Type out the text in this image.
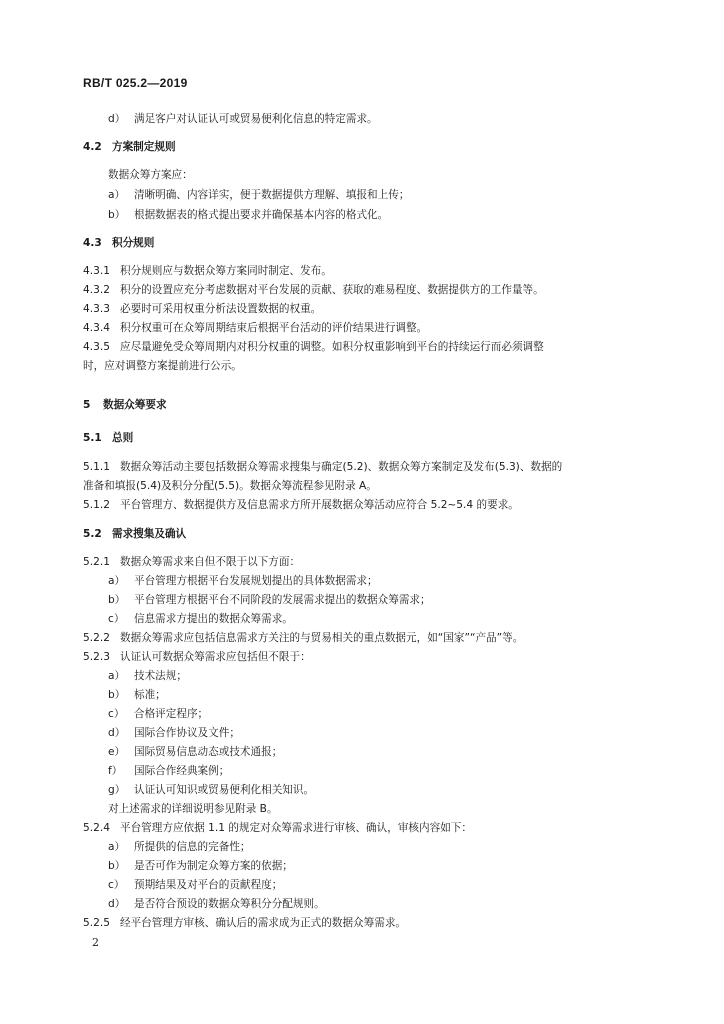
RB/T 025.2—2019
d） 满足客户对认证认可或贸易便利化信息的特定需求。
4.2 方案制定规则
数据众筹方案应：
a） 清晰明确、内容详实，便于数据提供方理解、填报和上传；
b） 根据数据表的格式提出要求并确保基本内容的格式化。
4.3 积分规则
4.3.1 积分规则应与数据众筹方案同时制定、发布。
4.3.2 积分的设置应充分考虑数据对平台发展的贡献、获取的难易程度、数据提供方的工作量等。
4.3.3 必要时可采用权重分析法设置数据的权重。
4.3.4 积分权重可在众筹周期结束后根据平台活动的评价结果进行调整。
4.3.5 应尽量避免受众筹周期内对积分权重的调整。如积分权重影响到平台的持续运行而必须调整
时，应对调整方案提前进行公示。
5 数据众筹要求
5.1 总则
5.1.1 数据众筹活动主要包括数据众筹需求搜集与确定(5.2)、数据众筹方案制定及发布(5.3)、数据的
准备和填报(5.4)及积分分配(5.5)。数据众筹流程参见附录 A。
5.1.2 平台管理方、数据提供方及信息需求方所开展数据众筹活动应符合 5.2~5.4 的要求。
5.2 需求搜集及确认
5.2.1 数据众筹需求来自但不限于以下方面：
a） 平台管理方根据平台发展规划提出的具体数据需求；
b） 平台管理方根据平台不同阶段的发展需求提出的数据众筹需求；
c） 信息需求方提出的数据众筹需求。
5.2.2 数据众筹需求应包括信息需求方关注的与贸易相关的重点数据元，如“国家”“产品”等。
5.2.3 认证认可数据众筹需求应包括但不限于：
a） 技术法规；
b） 标准；
c） 合格评定程序；
d） 国际合作协议及文件；
e） 国际贸易信息动态或技术通报；
f） 国际合作经典案例；
g） 认证认可知识或贸易便利化相关知识。
对上述需求的详细说明参见附录 B。
5.2.4 平台管理方应依据 1.1 的规定对众筹需求进行审核、确认，审核内容如下：
a） 所提供的信息的完备性；
b） 是否可作为制定众筹方案的依据；
c） 预期结果及对平台的贡献程度；
d） 是否符合预设的数据众筹积分分配规则。
5.2.5 经平台管理方审核、确认后的需求成为正式的数据众筹需求。
2
